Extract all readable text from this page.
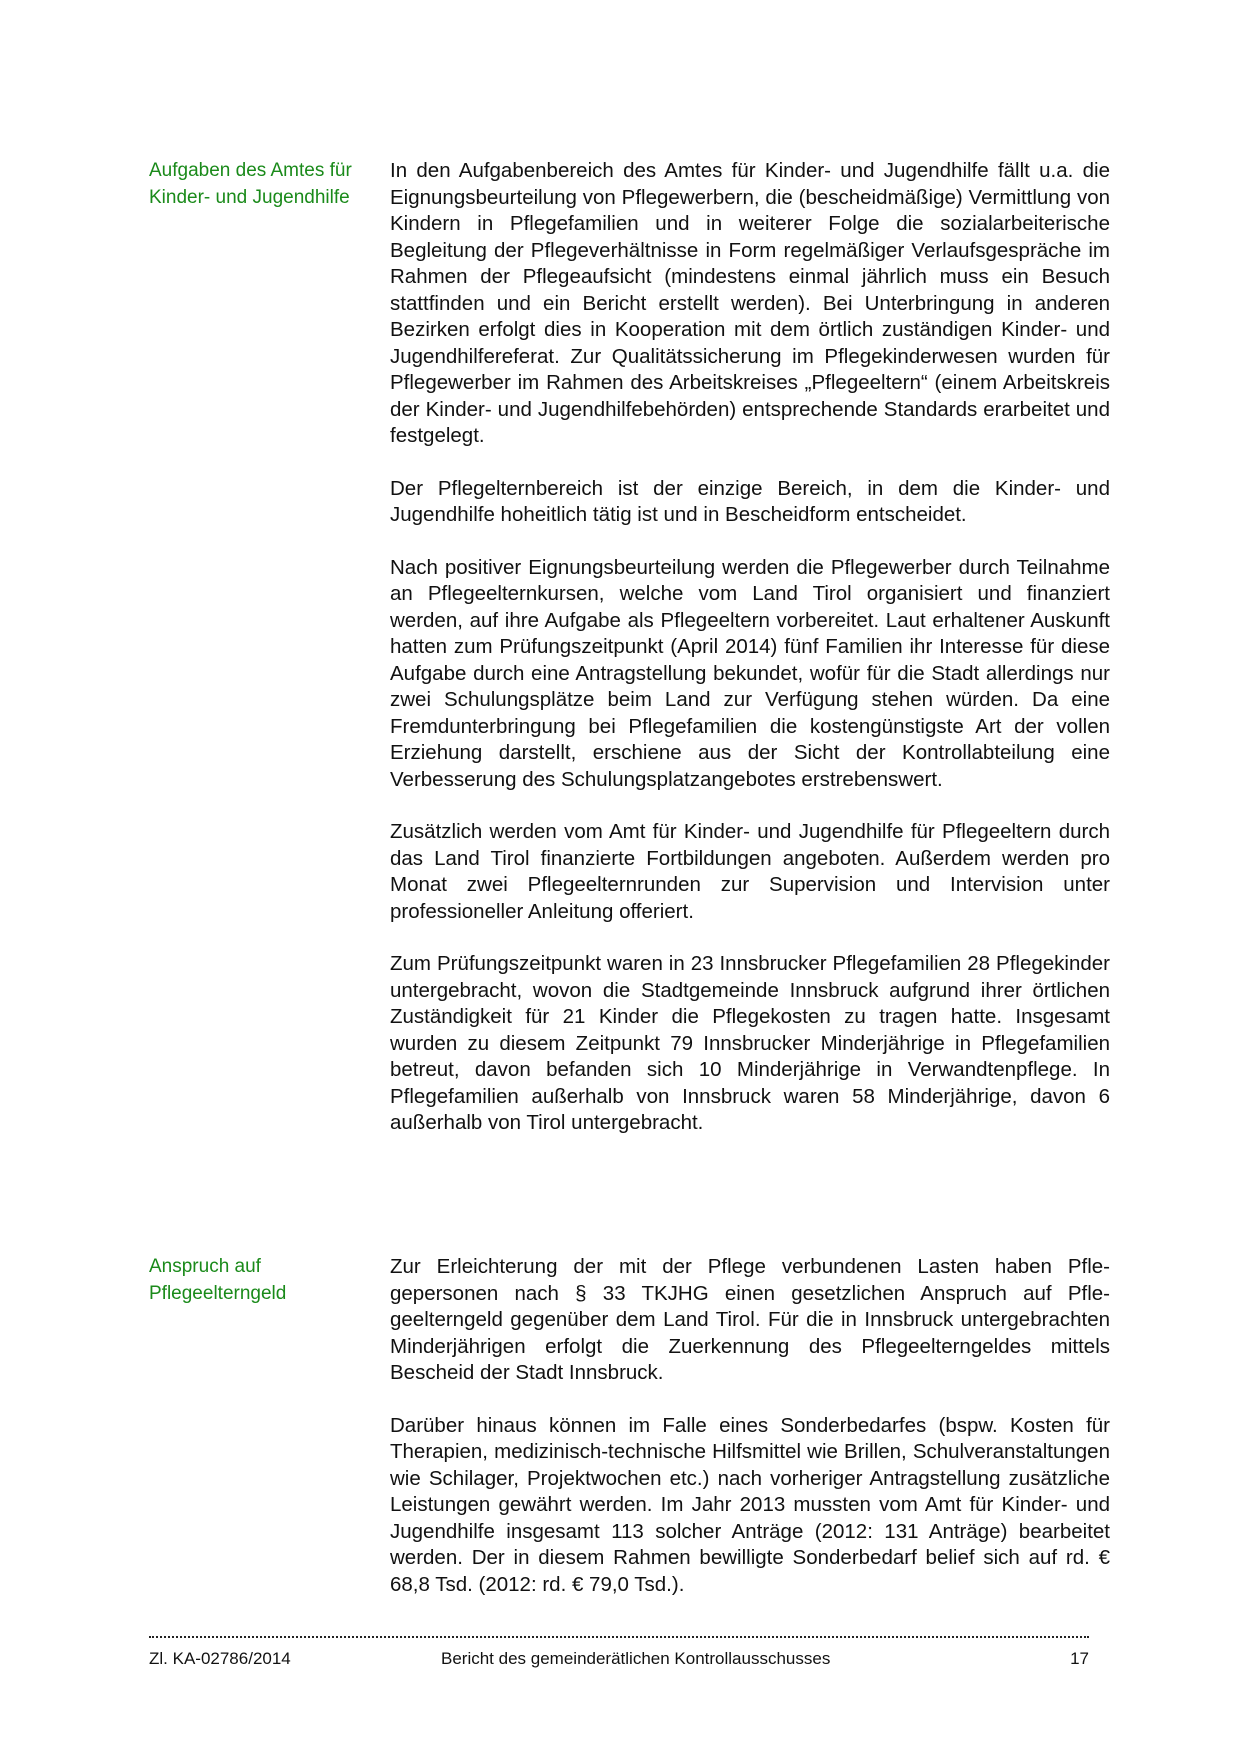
Aufgaben des Amtes für Kinder- und Jugendhilfe

In den Aufgabenbereich des Amtes für Kinder- und Jugendhilfe fällt u.a. die Eignungsbeurteilung von Pflegewerbern, die (bescheidmäßige) Vermittlung von Kindern in Pflegefamilien und in weiterer Folge die sozialarbeiterische Begleitung der Pflegeverhältnisse in Form regelmäßiger Verlaufsgespräche im Rahmen der Pflegeaufsicht (mindestens einmal jährlich muss ein Besuch stattfinden und ein Bericht erstellt werden). Bei Unterbringung in anderen Bezirken erfolgt dies in Kooperation mit dem örtlich zuständigen Kinder- und Jugendhilfereferat. Zur Qualitätssicherung im Pflegekinderwesen wurden für Pflegewerber im Rahmen des Arbeitskreises „Pflegeeltern“ (einem Arbeitskreis der Kinder- und Jugendhilfebehörden) entsprechende Standards erarbeitet und festgelegt.

Der Pflegelternbereich ist der einzige Bereich, in dem die Kinder- und Jugendhilfe hoheitlich tätig ist und in Bescheidform entscheidet.

Nach positiver Eignungsbeurteilung werden die Pflegewerber durch Teilnahme an Pflegeelternkursen, welche vom Land Tirol organisiert und finanziert werden, auf ihre Aufgabe als Pflegeeltern vorbereitet. Laut erhaltener Auskunft hatten zum Prüfungszeitpunkt (April 2014) fünf Familien ihr Interesse für diese Aufgabe durch eine Antragstellung bekundet, wofür für die Stadt allerdings nur zwei Schulungsplätze beim Land zur Verfügung stehen würden. Da eine Fremdunterbringung bei Pflegefamilien die kostengünstigste Art der vollen Erziehung darstellt, erschiene aus der Sicht der Kontrollabteilung eine Verbesserung des Schulungsplatzangebotes erstrebenswert.

Zusätzlich werden vom Amt für Kinder- und Jugendhilfe für Pflegeeltern durch das Land Tirol finanzierte Fortbildungen angeboten. Außerdem werden pro Monat zwei Pflegeelternrunden zur Supervision und Intervision unter professioneller Anleitung offeriert.

Zum Prüfungszeitpunkt waren in 23 Innsbrucker Pflegefamilien 28 Pflegekinder untergebracht, wovon die Stadtgemeinde Innsbruck aufgrund ihrer örtlichen Zuständigkeit für 21 Kinder die Pflegekosten zu tragen hatte. Insgesamt wurden zu diesem Zeitpunkt 79 Innsbrucker Minderjährige in Pflegefamilien betreut, davon befanden sich 10 Minderjährige in Verwandtenpflege. In Pflegefamilien außerhalb von Innsbruck waren 58 Minderjährige, davon 6 außerhalb von Tirol untergebracht.

Anspruch auf Pflegeelterngeld

Zur Erleichterung der mit der Pflege verbundenen Lasten haben Pflegepersonen nach § 33 TKJHG einen gesetzlichen Anspruch auf Pflegeelterngeld gegenüber dem Land Tirol. Für die in Innsbruck untergebrachten Minderjährigen erfolgt die Zuerkennung des Pflegeelterngeldes mittels Bescheid der Stadt Innsbruck.

Darüber hinaus können im Falle eines Sonderbedarfes (bspw. Kosten für Therapien, medizinisch-technische Hilfsmittel wie Brillen, Schulveranstaltungen wie Schilager, Projektwochen etc.) nach vorheriger Antragstellung zusätzliche Leistungen gewährt werden. Im Jahr 2013 mussten vom Amt für Kinder- und Jugendhilfe insgesamt 113 solcher Anträge (2012: 131 Anträge) bearbeitet werden. Der in diesem Rahmen bewilligte Sonderbedarf belief sich auf rd. € 68,8 Tsd. (2012: rd. € 79,0 Tsd.).

Zl. KA-02786/2014	Bericht des gemeinderätlichen Kontrollausschusses	17
